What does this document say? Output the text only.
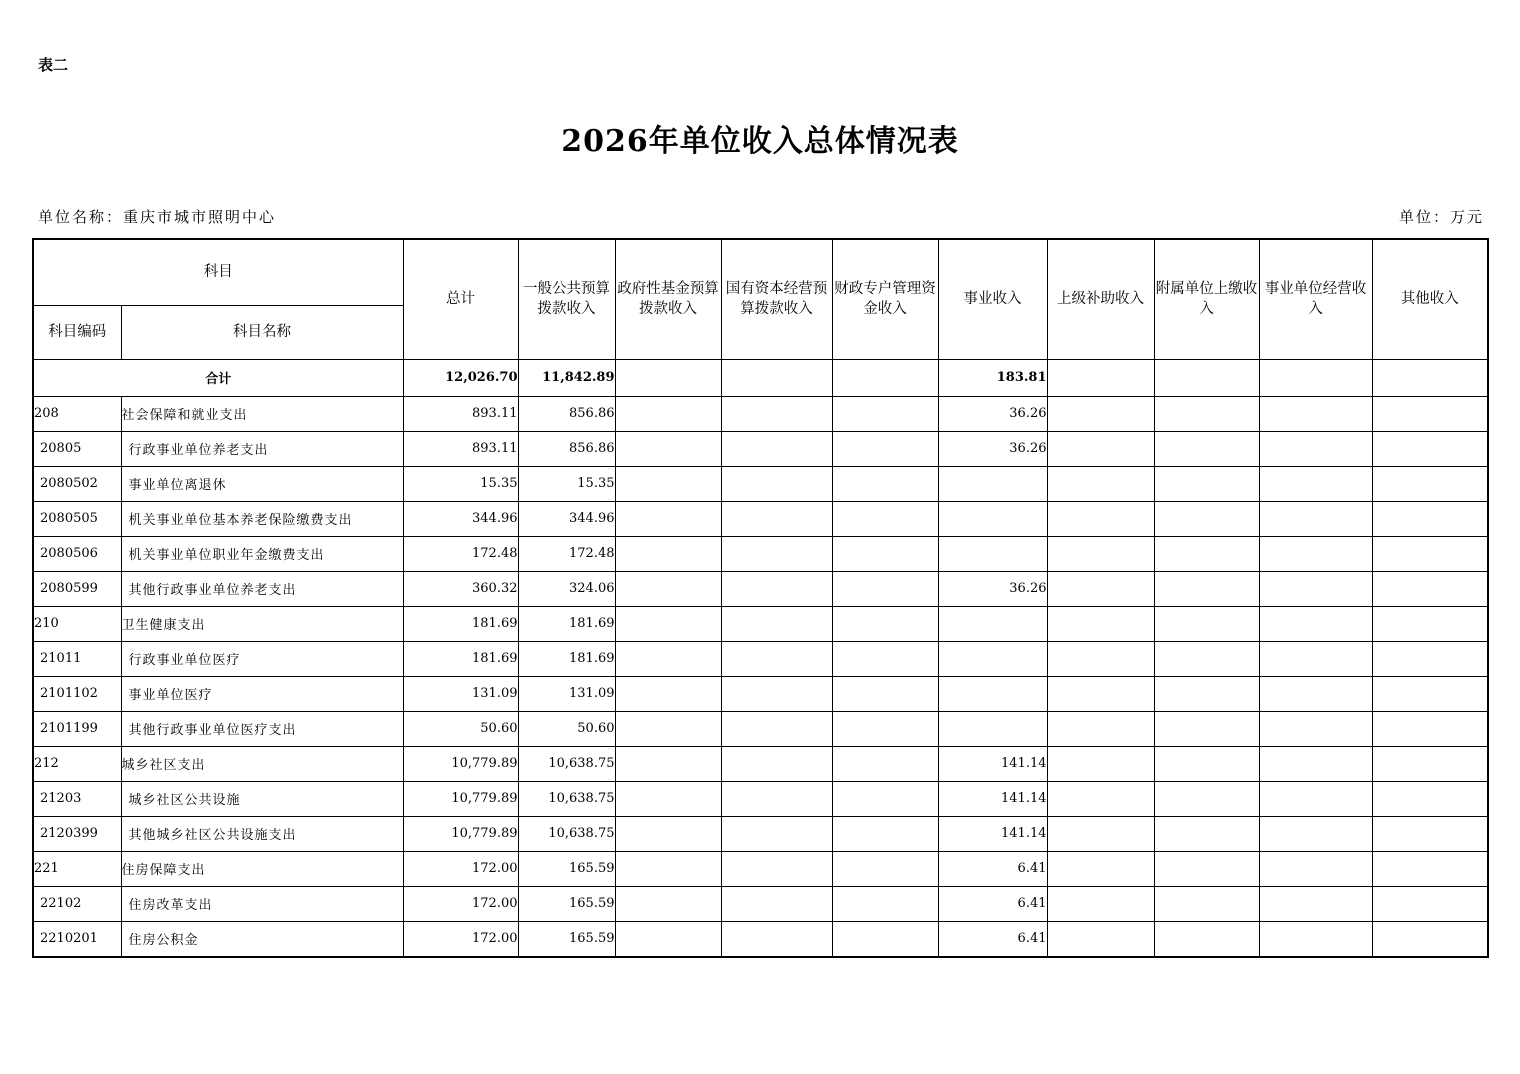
表二
2026年单位收入总体情况表
单位名称：重庆市城市照明中心	单位：万元
科目		总计	一般公共预算拨款收入	政府性基金预算拨款收入	国有资本经营预算拨款收入	财政专户管理资金收入	事业收入	上级补助收入	附属单位上缴收入	事业单位经营收入	其他收入
科目编码	科目名称										
合计		12,026.70	11,842.89				183.81				
208	社会保障和就业支出	893.11	856.86				36.26				
20805	行政事业单位养老支出	893.11	856.86				36.26				
2080502	事业单位离退休	15.35	15.35								
2080505	机关事业单位基本养老保险缴费支出	344.96	344.96								
2080506	机关事业单位职业年金缴费支出	172.48	172.48								
2080599	其他行政事业单位养老支出	360.32	324.06				36.26				
210	卫生健康支出	181.69	181.69								
21011	行政事业单位医疗	181.69	181.69								
2101102	事业单位医疗	131.09	131.09								
2101199	其他行政事业单位医疗支出	50.60	50.60								
212	城乡社区支出	10,779.89	10,638.75				141.14				
21203	城乡社区公共设施	10,779.89	10,638.75				141.14				
2120399	其他城乡社区公共设施支出	10,779.89	10,638.75				141.14				
221	住房保障支出	172.00	165.59				6.41				
22102	住房改革支出	172.00	165.59				6.41				
2210201	住房公积金	172.00	165.59				6.41				
